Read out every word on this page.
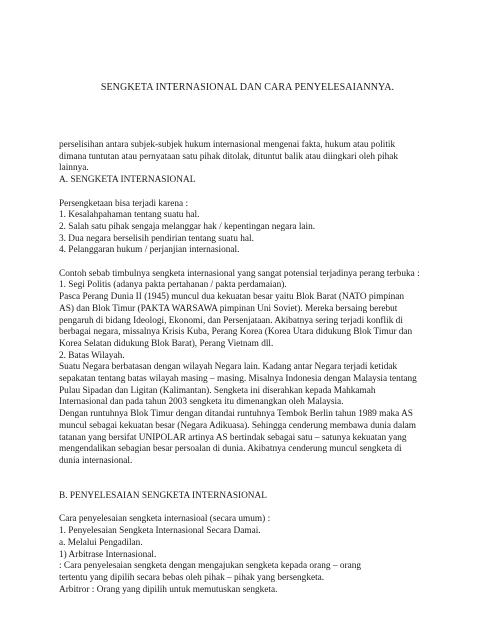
SENGKETA INTERNASIONAL DAN CARA PENYELESAIANNYA.
perselisihan antara subjek-subjek hukum internasional mengenai fakta, hukum atau politik
dimana tuntutan atau pernyataan satu pihak ditolak, dituntut balik atau diingkari oleh pihak
lainnya.
A. SENGKETA INTERNASIONAL
Persengketaan bisa terjadi karena :
1. Kesalahpahaman tentang suatu hal.
2. Salah satu pihak sengaja melanggar hak / kepentingan negara lain.
3. Dua negara berselisih pendirian tentang suatu hal.
4. Pelanggaran hukum / perjanjian internasional.
Contoh sebab timbulnya sengketa internasional yang sangat potensial terjadinya perang terbuka :
1. Segi Politis (adanya pakta pertahanan / pakta perdamaian).
Pasca Perang Dunia II (1945) muncul dua kekuatan besar yaitu Blok Barat (NATO pimpinan
AS) dan Blok Timur (PAKTA WARSAWA pimpinan Uni Soviet). Mereka bersaing berebut
pengaruh di bidang Ideologi, Ekonomi, dan Persenjataan. Akibatnya sering terjadi konflik di
berbagai negara, missalnya Krisis Kuba, Perang Korea (Korea Utara didukung Blok Timur dan
Korea Selatan didukung Blok Barat), Perang Vietnam dll.
2. Batas Wilayah.
Suatu Negara berbatasan dengan wilayah Negara lain. Kadang antar Negara terjadi ketidak
sepakatan tentang batas wilayah masing – masing. Misalnya Indonesia dengan Malaysia tentang
Pulau Sipadan dan Ligitan (Kalimantan). Sengketa ini diserahkan kepada Mahkamah
Internasional dan pada tahun 2003 sengketa itu dimenangkan oleh Malaysia.
Dengan runtuhnya Blok Timur dengan ditandai runtuhnya Tembok Berlin tahun 1989 maka AS
muncul sebagai kekuatan besar (Negara Adikuasa). Sehingga cenderung membawa dunia dalam
tatanan yang bersifat UNIPOLAR artinya AS bertindak sebagai satu – satunya kekuatan yang
mengendalikan sebagian besar persoalan di dunia. Akibatnya cenderung muncul sengketa di
dunia internasional.
B. PENYELESAIAN SENGKETA INTERNASIONAL
Cara penyelesaian sengketa internasioal (secara umum) :
1. Penyelesaian Sengketa Internasional Secara Damai.
a. Melalui Pengadilan.
1) Arbitrase Internasional.
: Cara penyelesaian sengketa dengan mengajukan sengketa kepada orang – orang
tertentu yang dipilih secara bebas oleh pihak – pihak yang bersengketa.
Arbitror : Orang yang dipilih untuk memutuskan sengketa.
